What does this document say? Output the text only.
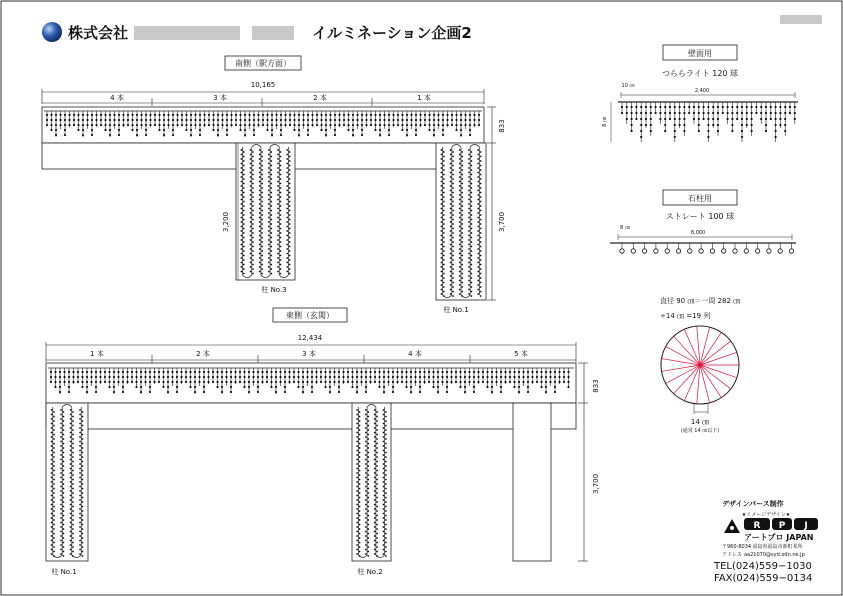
株式会社	イルミネーション企画2
南側（駅方面）
10,165
4 本	3 本	2 本	1 本
柱 No.3
3,200
柱 No.1
833
3,700
東側（玄関）
12,434
1 本	2 本	3 本	4 本	5 本
柱 No.1	柱 No.2
833
3,700
壁面用
つららライト 120 球
10 ㎝
2,400
8 ㎝
石柱用
ストレート 100 球
8 ㎝
8,000
直径 90 ㎝＝一周 282 ㎝
÷14 ㎝ =19 列
14 ㎝
(通常 14 ㎝以下)
デザインパース制作
★イメージデザイン★
R P J
アートプロ JAPAN
〒960-8034 福島県福島市新町某所
アドレス aa21070@syd.odn.ne.jp
TEL(024)559−1030
FAX(024)559−0134
